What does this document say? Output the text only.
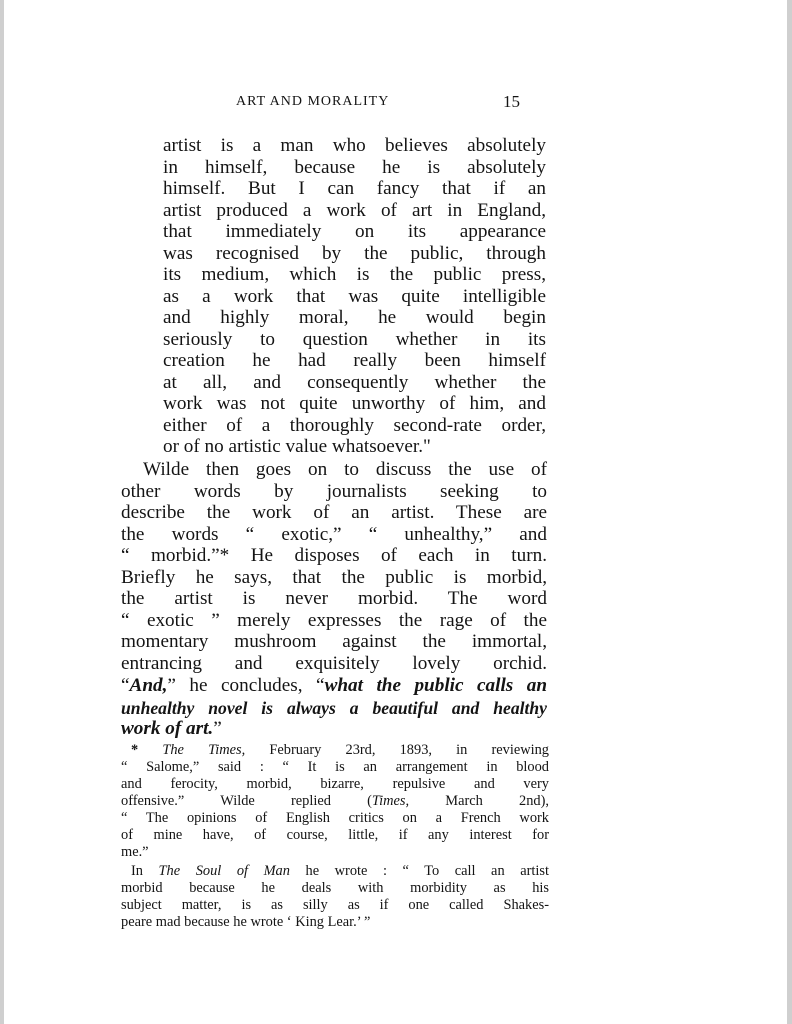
ART AND MORALITY	15
artist is a man who believes absolutely
in himself, because he is absolutely
himself. But I can fancy that if an
artist produced a work of art in England,
that immediately on its appearance
was recognised by the public, through
its medium, which is the public press,
as a work that was quite intelligible
and highly moral, he would begin
seriously to question whether in its
creation he had really been himself
at all, and consequently whether the
work was not quite unworthy of him, and
either of a thoroughly second-rate order,
or of no artistic value whatsoever."
Wilde then goes on to discuss the use of
other words by journalists seeking to
describe the work of an artist. These are
the words “ exotic,” “ unhealthy,” and
“ morbid.”* He disposes of each in turn.
Briefly he says, that the public is morbid,
the artist is never morbid. The word
“ exotic ” merely expresses the rage of the
momentary mushroom against the immortal,
entrancing and exquisitely lovely orchid.
“And,” he concludes, “what the public calls an
unhealthy novel is always a beautiful and healthy
work of art.”
* The Times, February 23rd, 1893, in reviewing
“ Salome,” said : “ It is an arrangement in blood
and ferocity, morbid, bizarre, repulsive and very
offensive.” Wilde replied (Times, March 2nd),
“ The opinions of English critics on a French work
of mine have, of course, little, if any interest for
me.”
In The Soul of Man he wrote : “ To call an artist
morbid because he deals with morbidity as his
subject matter, is as silly as if one called Shakes-
peare mad because he wrote ‘ King Lear.’ ”
